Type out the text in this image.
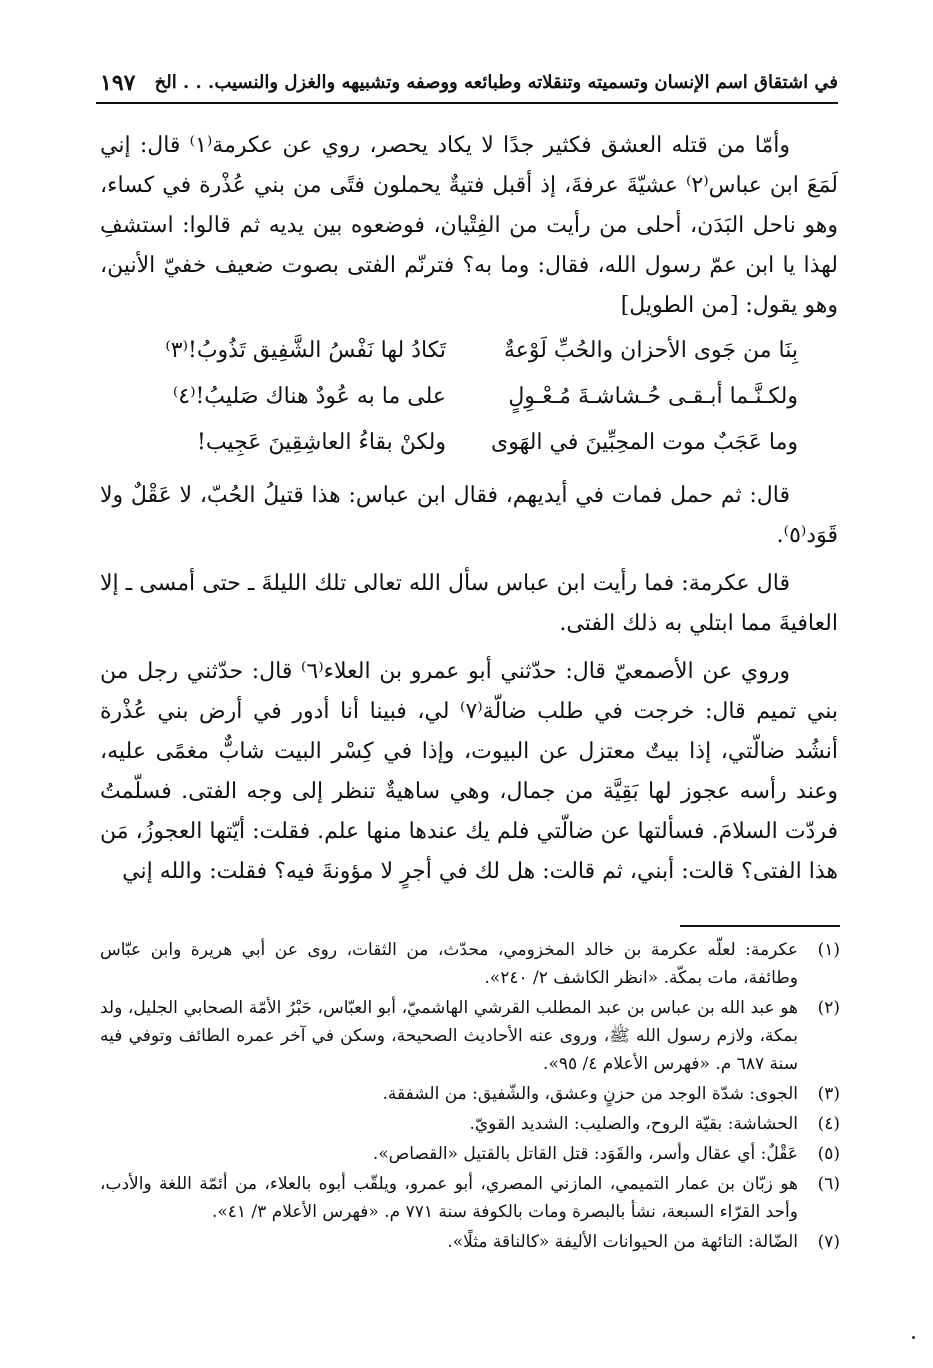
في اشتقاق اسم الإنسان وتسميته وتنقلاته وطبائعه ووصفه وتشبيهه والغزل والنسيب. . . الخ
١٩٧

وأمّا من قتله العشق فكثير جدًا لا يكاد يحصر، روي عن عكرمة⁽١⁾ قال: إني لَمَعَ ابن عباس⁽٢⁾ عشيّةَ عرفةَ، إذ أقبل فتيةٌ يحملون فتًى من بني عُذْرة في كساء، وهو ناحل البَدَن، أحلى من رأيت من الفِتْيان، فوضعوه بين يديه ثم قالوا: استشفِ لهذا يا ابن عمّ رسول الله، فقال: وما به؟ فترنّم الفتى بصوت ضعيف خفيّ الأنين، وهو يقول: [من الطويل]

بِنَا من جَوى الأحزان والحُبِّ لَوْعةٌ
تَكادُ لها نَفْسُ الشَّفِيق تَذُوبُ!⁽٣⁾
ولكـنَّـما أبـقـى حُـشاشـةَ مُـعْـوِلٍ
على ما به عُودٌ هناك صَليبُ!⁽٤⁾
وما عَجَبٌ موت المحِبِّينَ في الهَوى
ولكنْ بقاءُ العاشِقِينَ عَجِيب!

قال: ثم حمل فمات في أيديهم، فقال ابن عباس: هذا قتيلُ الحُبّ، لا عَقْلٌ ولا قَوَد⁽٥⁾.

قال عكرمة: فما رأيت ابن عباس سأل الله تعالى تلك الليلةَ ـ حتى أمسى ـ إلا العافيةَ مما ابتلي به ذلك الفتى.

وروي عن الأصمعيّ قال: حدّثني أبو عمرو بن العلاء⁽٦⁾ قال: حدّثني رجل من بني تميم قال: خرجت في طلب ضالّة⁽٧⁾ لي، فبينا أنا أدور في أرض بني عُذْرة أنشُد ضالّتي، إذا بيتٌ معتزل عن البيوت، وإذا في كِسْر البيت شابٌّ مغمًى عليه، وعند رأسه عجوز لها بَقِيَّة من جمال، وهي ساهيةٌ تنظر إلى وجه الفتى. فسلّمتُ فردّت السلامَ. فسألتها عن ضالّتي فلم يك عندها منها علم. فقلت: أيّتها العجوزُ، مَن هذا الفتى؟ قالت: أبني، ثم قالت: هل لك في أجرٍ لا مؤونةَ فيه؟ فقلت: والله إني

(١)
عكرمة: لعلّه عكرمة بن خالد المخزومي، محدّث، من الثقات، روى عن أبي هريرة وابن عبّاس وطائفة، مات بمكّة. «انظر الكاشف ٢/ ٢٤٠».
(٢)
هو عبد الله بن عباس بن عبد المطلب القرشي الهاشميّ، أبو العبّاس، حَبْرُ الأمّة الصحابي الجليل، ولد بمكة، ولازم رسول الله ﷺ، وروى عنه الأحاديث الصحيحة، وسكن في آخر عمره الطائف وتوفي فيه سنة ٦٨٧ م. «فهرس الأعلام ٤/ ٩٥».
(٣)
الجوى: شدّة الوجد من حزنٍ وعشق، والشّفيق: من الشفقة.
(٤)
الحشاشة: بقيّة الروح، والصليب: الشديد القويّ.
(٥)
عَقْلٌ: أي عقال وأسر، والقَوَد: قتل القاتل بالقتيل «القصاص».
(٦)
هو زبّان بن عمار التميمي، المازني المصري، أبو عمرو، ويلقّب أبوه بالعلاء، من أئمّة اللغة والأدب، وأحد القرّاء السبعة، نشأ بالبصرة ومات بالكوفة سنة ٧٧١ م. «فهرس الأعلام ٣/ ٤١».
(٧)
الضّالة: التائهة من الحيوانات الأليفة «كالناقة مثلًا».
